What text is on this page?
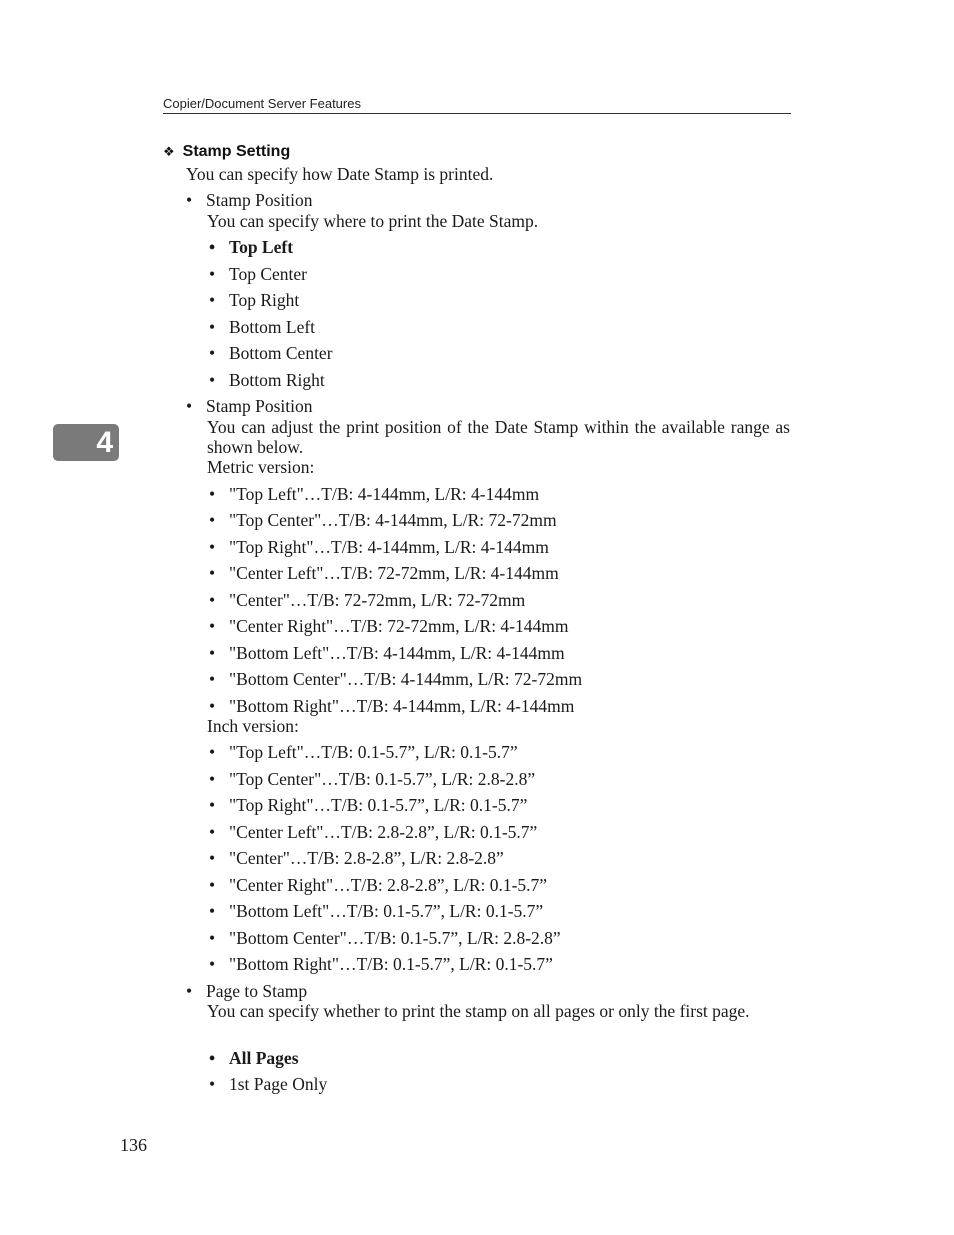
Copier/Document Server Features
4
❖ Stamp Setting
You can specify how Date Stamp is printed.
• Stamp Position
You can specify where to print the Date Stamp.
• Top Left
• Top Center
• Top Right
• Bottom Left
• Bottom Center
• Bottom Right
• Stamp Position
You can adjust the print position of the Date Stamp within the available range as shown below.
Metric version:
• "Top Left"…T/B: 4-144mm, L/R: 4-144mm
• "Top Center"…T/B: 4-144mm, L/R: 72-72mm
• "Top Right"…T/B: 4-144mm, L/R: 4-144mm
• "Center Left"…T/B: 72-72mm, L/R: 4-144mm
• "Center"…T/B: 72-72mm, L/R: 72-72mm
• "Center Right"…T/B: 72-72mm, L/R: 4-144mm
• "Bottom Left"…T/B: 4-144mm, L/R: 4-144mm
• "Bottom Center"…T/B: 4-144mm, L/R: 72-72mm
• "Bottom Right"…T/B: 4-144mm, L/R: 4-144mm
Inch version:
• "Top Left"…T/B: 0.1-5.7”, L/R: 0.1-5.7”
• "Top Center"…T/B: 0.1-5.7”, L/R: 2.8-2.8”
• "Top Right"…T/B: 0.1-5.7”, L/R: 0.1-5.7”
• "Center Left"…T/B: 2.8-2.8”, L/R: 0.1-5.7”
• "Center"…T/B: 2.8-2.8”, L/R: 2.8-2.8”
• "Center Right"…T/B: 2.8-2.8”, L/R: 0.1-5.7”
• "Bottom Left"…T/B: 0.1-5.7”, L/R: 0.1-5.7”
• "Bottom Center"…T/B: 0.1-5.7”, L/R: 2.8-2.8”
• "Bottom Right"…T/B: 0.1-5.7”, L/R: 0.1-5.7”
• Page to Stamp
You can specify whether to print the stamp on all pages or only the first page.
• All Pages
• 1st Page Only
136
